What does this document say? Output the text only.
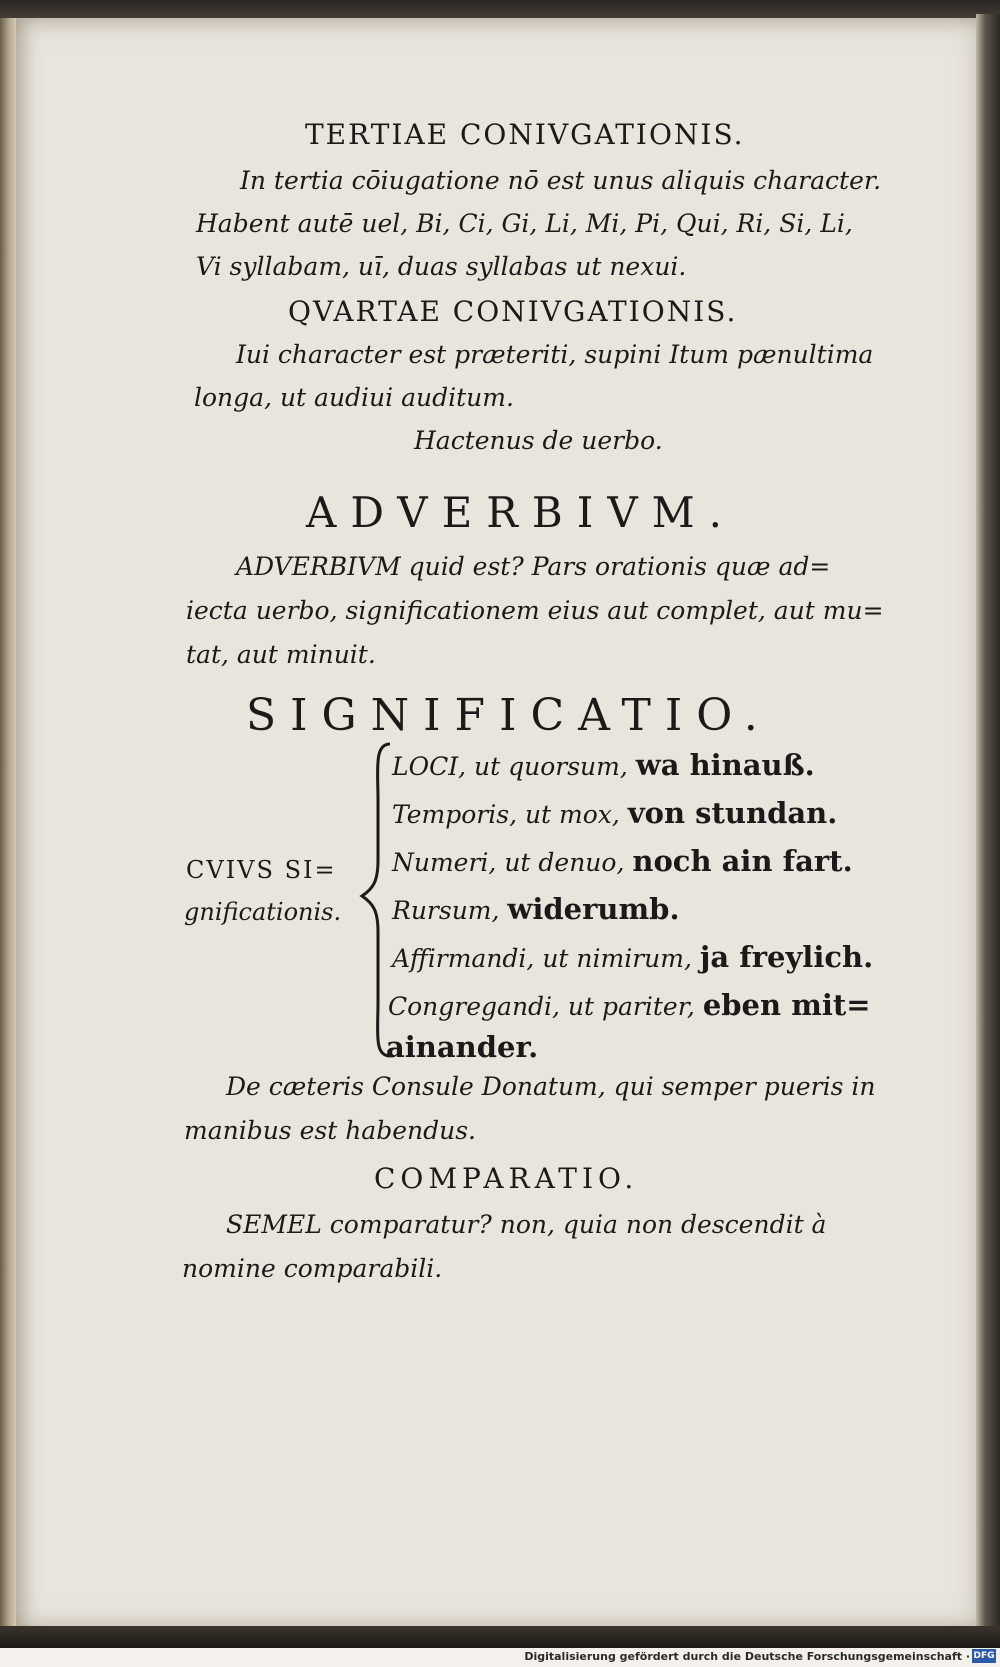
TERTIAE CONIVGATIONIS.
In tertia cōiugatione nō est unus aliquis character.
Habent autē uel, Bi, Ci, Gi, Li, Mi, Pi, Qui, Ri, Si, Li,
Vi syllabam, uī, duas syllabas ut nexui.
QVARTAE CONIVGATIONIS.
Iui character est præteriti, supini Itum pænultima
longa, ut audiui auditum.
Hactenus de uerbo.
ADVERBIVM.
ADVERBIVM quid est? Pars orationis quæ ad=
iecta uerbo, significationem eius aut complet, aut mu=
tat, aut minuit.
SIGNIFICATIO.
CVIVS SI=
gnificationis.
LOCI, ut quorsum, wa hinauß.
Temporis, ut mox, von stundan.
Numeri, ut denuo, noch ain fart.
Rursum, widerumb.
Affirmandi, ut nimirum, ja freylich.
Congregandi, ut pariter, eben mit=
ainander.
De cæteris Consule Donatum, qui semper pueris in
manibus est habendus.
COMPARATIO.
SEMEL comparatur? non, quia non descendit à
nomine comparabili.
Digitalisierung gefördert durch die Deutsche Forschungsgemeinschaft · DFG
